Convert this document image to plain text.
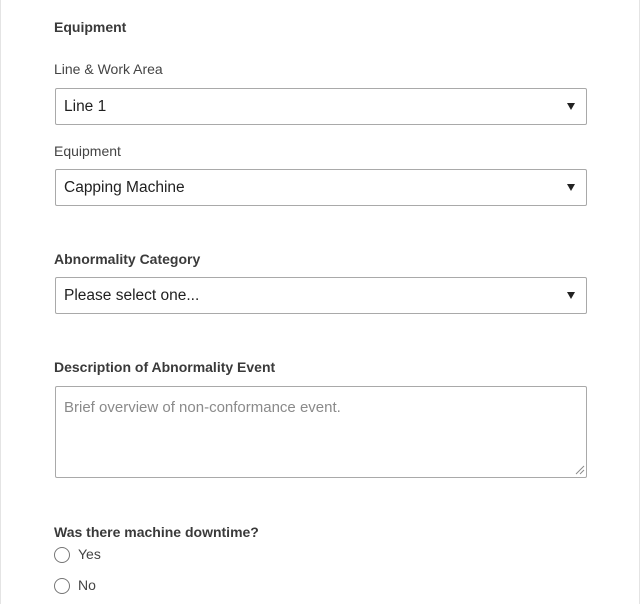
Equipment
Line & Work Area
Line 1
Equipment
Capping Machine
Abnormality Category
Please select one...
Description of Abnormality Event
Brief overview of non-conformance event.
Was there machine downtime?
Yes
No
